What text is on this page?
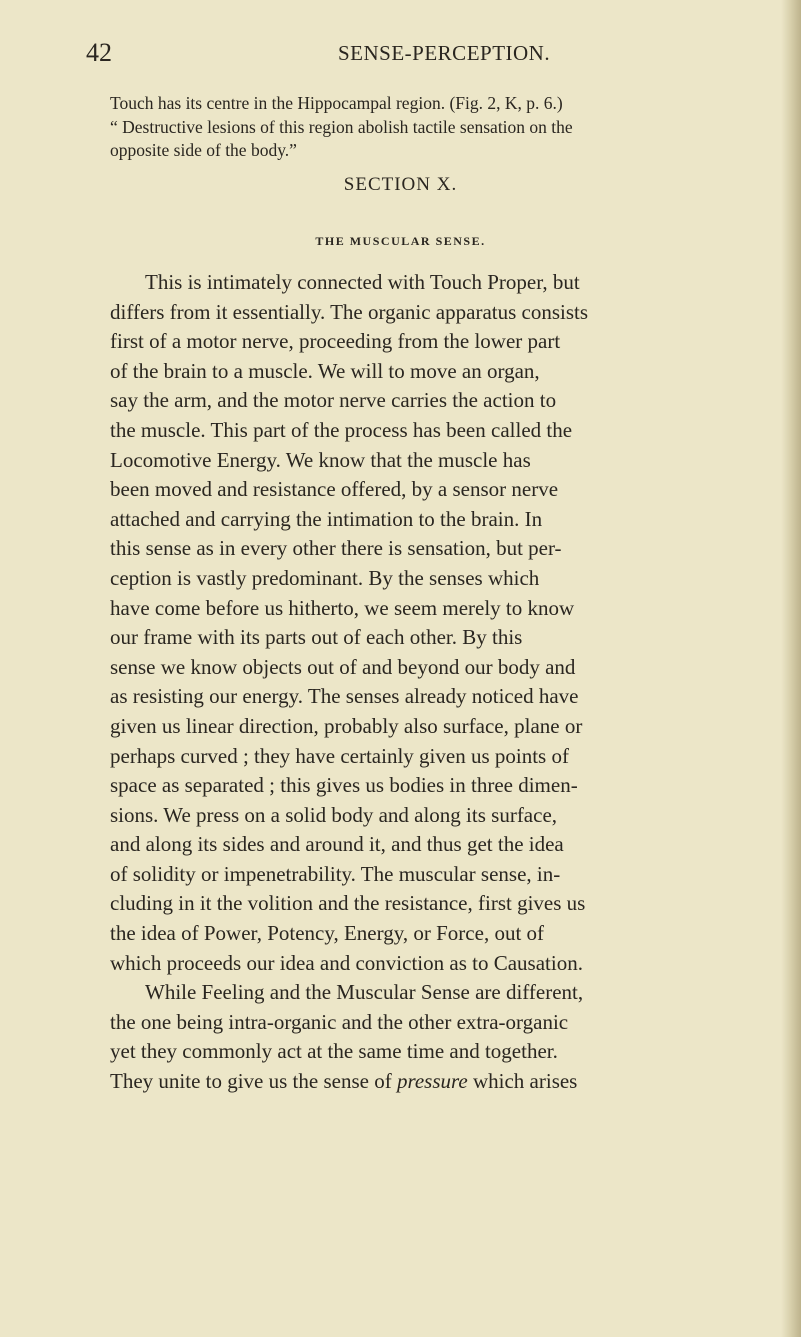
42	SENSE-PERCEPTION.
Touch has its centre in the Hippocampal region. (Fig. 2, K, p. 6.)
“ Destructive lesions of this region abolish tactile sensation on the
opposite side of the body.”
SECTION X.
THE MUSCULAR SENSE.
This is intimately connected with Touch Proper, but
differs from it essentially. The organic apparatus consists
first of a motor nerve, proceeding from the lower part
of the brain to a muscle. We will to move an organ,
say the arm, and the motor nerve carries the action to
the muscle. This part of the process has been called the
Locomotive Energy. We know that the muscle has
been moved and resistance offered, by a sensor nerve
attached and carrying the intimation to the brain. In
this sense as in every other there is sensation, but per-
ception is vastly predominant. By the senses which
have come before us hitherto, we seem merely to know
our frame with its parts out of each other. By this
sense we know objects out of and beyond our body and
as resisting our energy. The senses already noticed have
given us linear direction, probably also surface, plane or
perhaps curved ; they have certainly given us points of
space as separated ; this gives us bodies in three dimen-
sions. We press on a solid body and along its surface,
and along its sides and around it, and thus get the idea
of solidity or impenetrability. The muscular sense, in-
cluding in it the volition and the resistance, first gives us
the idea of Power, Potency, Energy, or Force, out of
which proceeds our idea and conviction as to Causation.
While Feeling and the Muscular Sense are different,
the one being intra-organic and the other extra-organic
yet they commonly act at the same time and together.
They unite to give us the sense of pressure which arises
